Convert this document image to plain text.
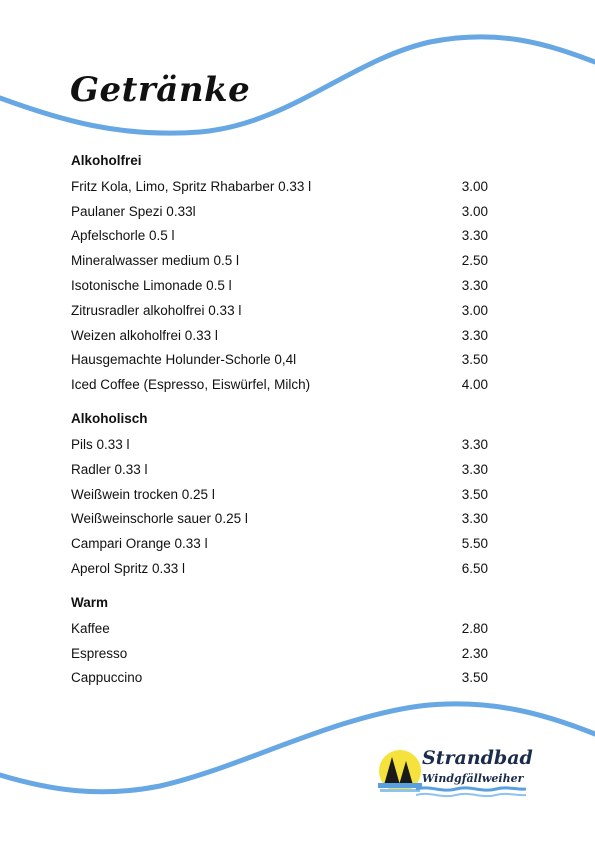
Getränke
Alkoholfrei
Fritz Kola, Limo, Spritz Rhabarber 0.33 l	3.00
Paulaner Spezi 0.33l	3.00
Apfelschorle 0.5 l	3.30
Mineralwasser medium 0.5 l	2.50
Isotonische Limonade 0.5 l	3.30
Zitrusradler alkoholfrei 0.33 l	3.00
Weizen alkoholfrei 0.33 l	3.30
Hausgemachte Holunder-Schorle 0,4l	3.50
Iced Coffee (Espresso, Eiswürfel, Milch)	4.00
Alkoholisch
Pils 0.33 l	3.30
Radler 0.33 l	3.30
Weißwein trocken 0.25 l	3.50
Weißweinschorle sauer 0.25 l	3.30
Campari Orange 0.33 l	5.50
Aperol Spritz 0.33 l	6.50
Warm
Kaffee	2.80
Espresso	2.30
Cappuccino	3.50

Strandbad

Windgfällweiher
